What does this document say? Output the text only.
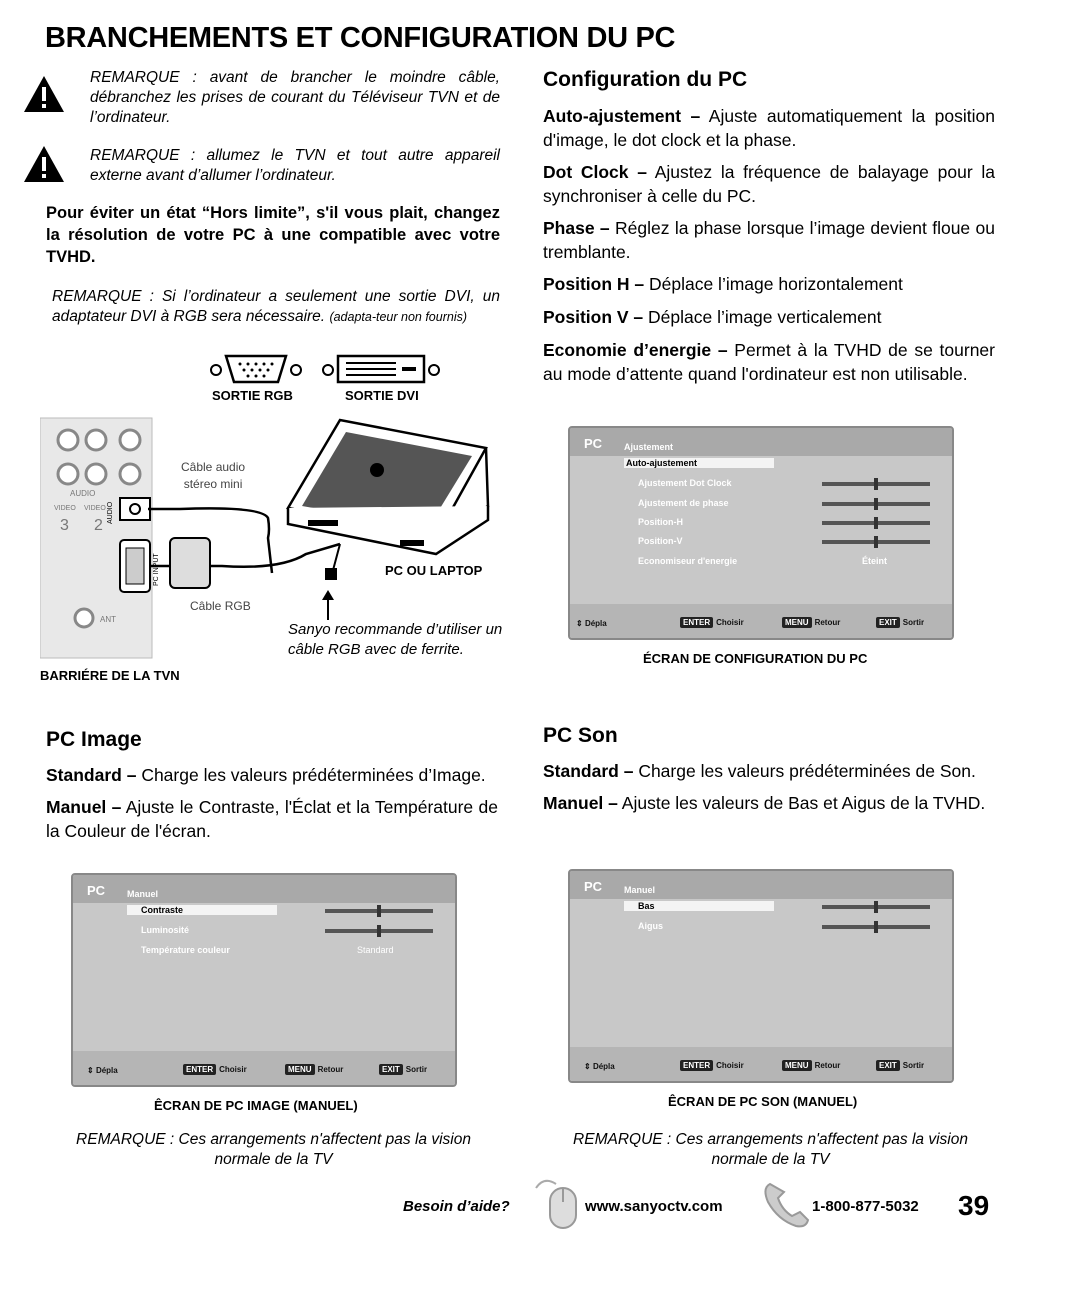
BRANCHEMENTS ET CONFIGURATION DU PC
REMARQUE : avant de brancher le moindre câble, débranchez les prises de courant du Téléviseur TVN et de l’ordinateur.
REMARQUE : allumez le TVN et tout autre appareil externe avant d’allumer l’ordinateur.
Pour éviter un état “Hors limite”, s'il vous plait, changez la résolution de votre PC à une compatible avec votre TVHD.
REMARQUE : Si l’ordinateur a seulement une sortie DVI, un adaptateur DVI à RGB sera nécessaire. (adapta-teur non fournis)
AUDIO
VIDEO VIDEO
3 2
ANT
AUDIO
PC INPUT
SORTIE RGB	SORTIE DVI
Câble audio
stéreo mini
Câble RGB
PC OU LAPTOP
Sanyo recommande d’utiliser un câble RGB avec de ferrite.
BARRIÉRE DE LA TVN
Configuration du PC

Auto-ajustement – Ajuste automatiquement la position d'image, le dot clock et la phase.

Dot Clock – Ajustez la fréquence de balayage pour la synchroniser à celle du PC.

Phase – Réglez la phase lorsque l’image devient floue ou tremblante.

Position H – Déplace l’image horizontalement

Position V – Déplace l’image verticalement

Economie d’energie – Permet à la TVHD de se tourner au mode d’attente quand l'ordinateur est non utilisable.

PC Ajustement
Auto-ajustement
Ajustement Dot Clock
Ajustement de phase
Position-H
Position-V
Economiseur d'energie	Éteint
⇕ Dépla	ENTER Choisir	MENU Retour	EXIT Sortir
ÉCRAN DE CONFIGURATION DU PC
PC Image

Standard – Charge les valeurs prédéterminées d’Image.

Manuel – Ajuste le Contraste, l'Éclat et la Température de la Couleur de l'écran.

PC Manuel
Contraste
Luminosité
Température couleur	Standard
⇕ Dépla	ENTER Choisir	MENU Retour	EXIT Sortir
ÊCRAN DE PC IMAGE (MANUEL)
REMARQUE : Ces arrangements n'affectent pas la vision normale de la TV
PC Son

Standard – Charge les valeurs prédéterminées de Son.

Manuel – Ajuste les valeurs de Bas et Aigus de la TVHD.

PC Manuel
Bas
Aigus
⇕ Dépla	ENTER Choisir	MENU Retour	EXIT Sortir
ÊCRAN DE PC SON (MANUEL)
REMARQUE : Ces arrangements n'affectent pas la vision normale de la TV
Besoin d’aide?	www.sanyoctv.com	1-800-877-5032 39
